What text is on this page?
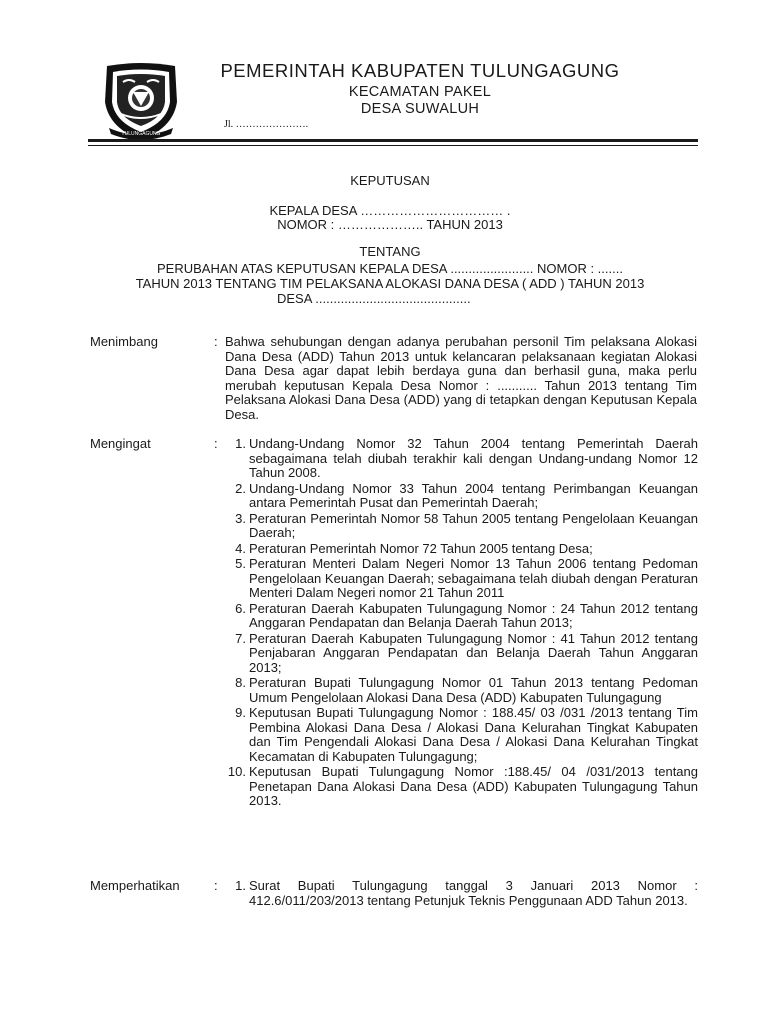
TULUNGAGUNG
PEMERINTAH KABUPATEN TULUNGAGUNG
KECAMATAN PAKEL
DESA SUWALUH
Jl. ………………….
KEPUTUSAN
KEPALA DESA …………………………… .
NOMOR : ……………….. TAHUN 2013
TENTANG
PERUBAHAN ATAS KEPUTUSAN KEPALA DESA ....................... NOMOR : .......
TAHUN 2013 TENTANG TIM PELAKSANA ALOKASI DANA DESA ( ADD ) TAHUN 2013
DESA ...........................................
Menimbang	: Bahwa sehubungan dengan adanya perubahan personil Tim pelaksana Alokasi Dana Desa (ADD) Tahun 2013 untuk kelancaran pelaksanaan kegiatan Alokasi Dana Desa agar dapat lebih berdaya guna dan berhasil guna, maka perlu merubah keputusan Kepala Desa Nomor : ........... Tahun 2013 tentang Tim Pelaksana Alokasi Dana Desa (ADD) yang di tetapkan dengan Keputusan Kepala Desa.
Mengingat	:	1. Undang-Undang Nomor 32 Tahun 2004 tentang Pemerintah Daerah sebagaimana telah diubah terakhir kali dengan Undang-undang Nomor 12 Tahun 2008.
2. Undang-Undang Nomor 33 Tahun 2004 tentang Perimbangan Keuangan antara Pemerintah Pusat dan Pemerintah Daerah;
3. Peraturan Pemerintah Nomor 58 Tahun 2005 tentang Pengelolaan Keuangan Daerah;
4. Peraturan Pemerintah Nomor 72 Tahun 2005 tentang Desa;
5. Peraturan Menteri Dalam Negeri Nomor 13 Tahun 2006 tentang Pedoman Pengelolaan Keuangan Daerah; sebagaimana telah diubah dengan Peraturan Menteri Dalam Negeri nomor 21 Tahun 2011
6. Peraturan Daerah Kabupaten Tulungagung Nomor : 24 Tahun 2012 tentang Anggaran Pendapatan dan Belanja Daerah Tahun 2013;
7. Peraturan Daerah Kabupaten Tulungagung Nomor : 41 Tahun 2012 tentang Penjabaran Anggaran Pendapatan dan Belanja Daerah Tahun Anggaran 2013;
8. Peraturan Bupati Tulungagung Nomor 01 Tahun 2013 tentang Pedoman Umum Pengelolaan Alokasi Dana Desa (ADD) Kabupaten Tulungagung
9. Keputusan Bupati Tulungagung Nomor : 188.45/ 03 /031 /2013 tentang Tim Pembina Alokasi Dana Desa / Alokasi Dana Kelurahan Tingkat Kabupaten dan Tim Pengendali Alokasi Dana Desa / Alokasi Dana Kelurahan Tingkat Kecamatan di Kabupaten Tulungagung;
10. Keputusan Bupati Tulungagung Nomor :188.45/ 04 /031/2013 tentang Penetapan Dana Alokasi Dana Desa (ADD) Kabupaten Tulungagung Tahun 2013.
Memperhatikan	:	1. Surat Bupati Tulungagung tanggal 3 Januari 2013 Nomor : 412.6/011/203/2013 tentang Petunjuk Teknis Penggunaan ADD Tahun 2013.
